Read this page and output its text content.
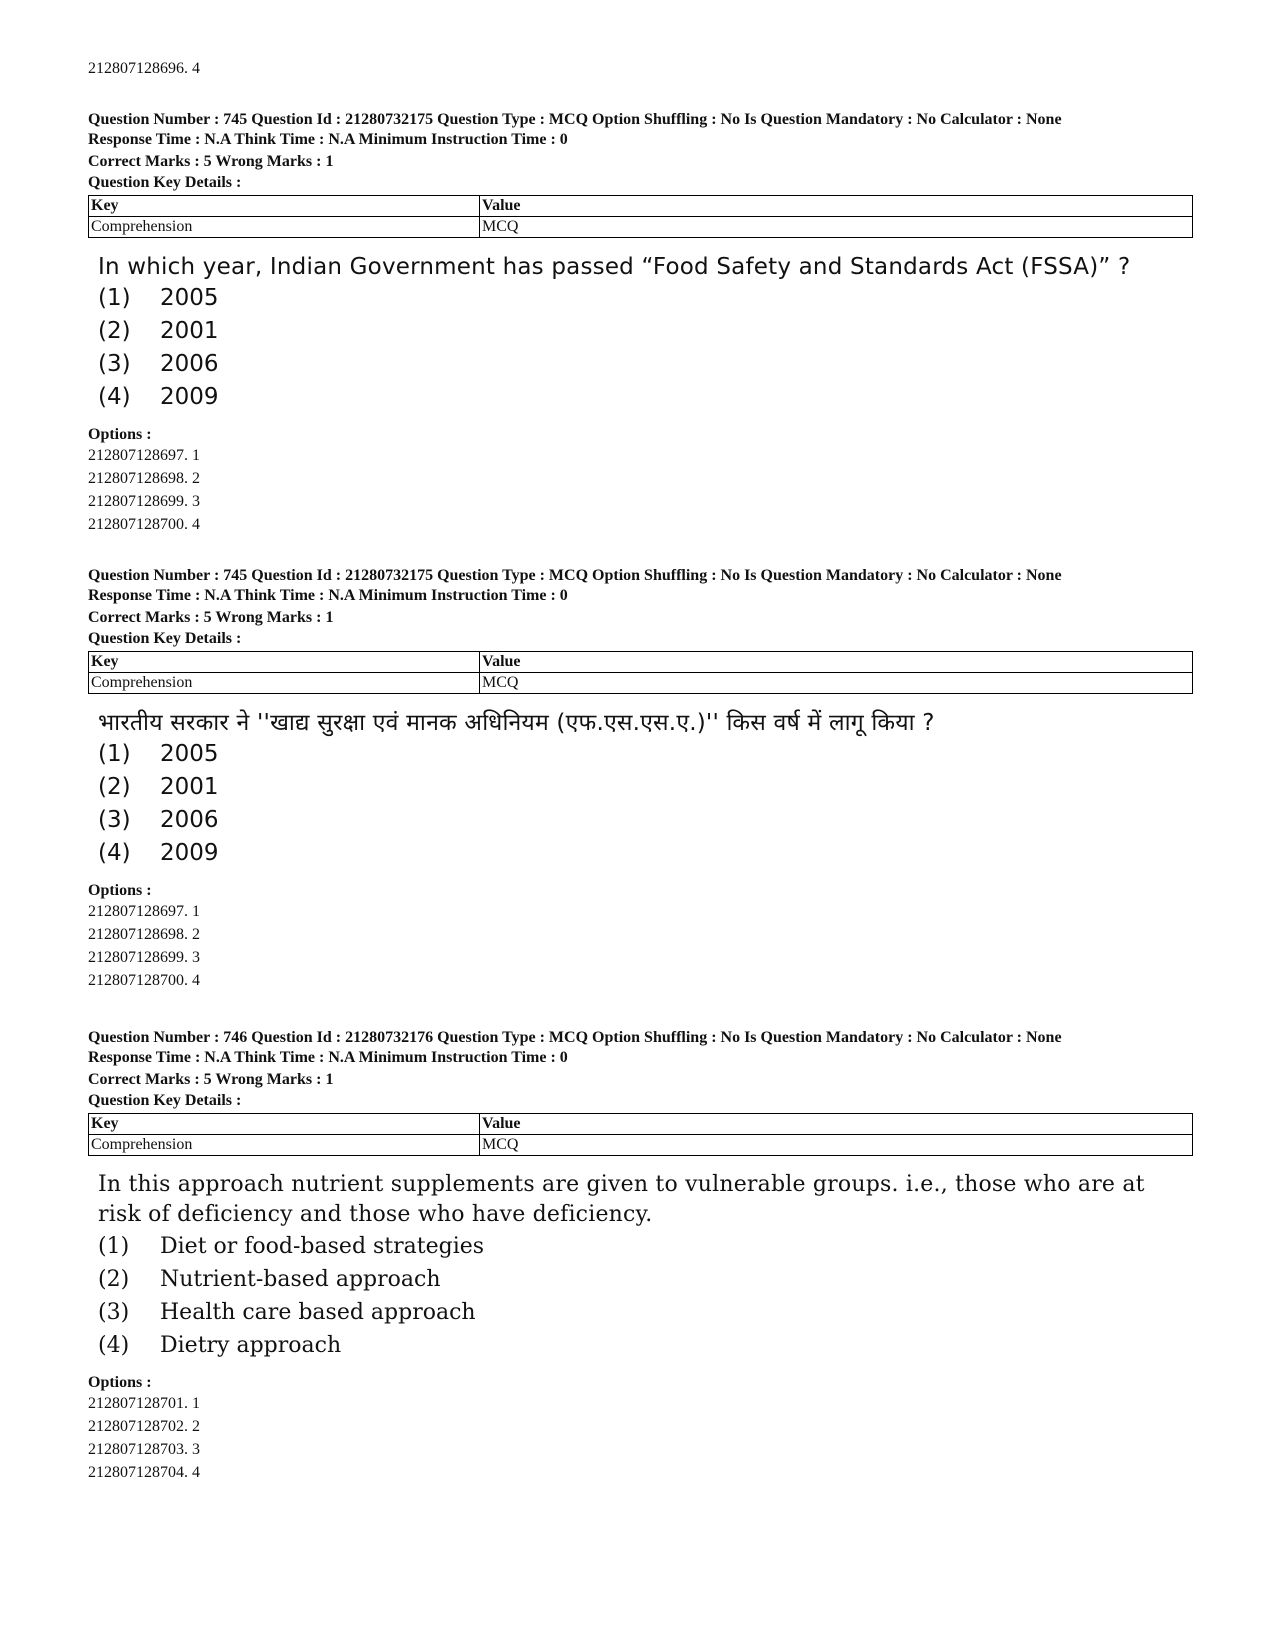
212807128696. 4
Question Number : 745 Question Id : 21280732175 Question Type : MCQ Option Shuffling : No Is Question Mandatory : No Calculator : None
Response Time : N.A Think Time : N.A Minimum Instruction Time : 0
Correct Marks : 5 Wrong Marks : 1
Question Key Details :
Key	Value
Comprehension	MCQ
In which year, Indian Government has passed “Food Safety and Standards Act (FSSA)” ?
(1)	2005
(2)	2001
(3)	2006
(4)	2009
Options :
212807128697. 1
212807128698. 2
212807128699. 3
212807128700. 4
Question Number : 745 Question Id : 21280732175 Question Type : MCQ Option Shuffling : No Is Question Mandatory : No Calculator : None
Response Time : N.A Think Time : N.A Minimum Instruction Time : 0
Correct Marks : 5 Wrong Marks : 1
Question Key Details :
Key	Value
Comprehension	MCQ
भारतीय सरकार ने ''खाद्य सुरक्षा एवं मानक अधिनियम (एफ.एस.एस.ए.)'' किस वर्ष में लागू किया ?
(1)	2005
(2)	2001
(3)	2006
(4)	2009
Options :
212807128697. 1
212807128698. 2
212807128699. 3
212807128700. 4
Question Number : 746 Question Id : 21280732176 Question Type : MCQ Option Shuffling : No Is Question Mandatory : No Calculator : None
Response Time : N.A Think Time : N.A Minimum Instruction Time : 0
Correct Marks : 5 Wrong Marks : 1
Question Key Details :
Key	Value
Comprehension	MCQ
In this approach nutrient supplements are given to vulnerable groups. i.e., those who are at risk of deficiency and those who have deficiency.
(1)	Diet or food-based strategies
(2)	Nutrient-based approach
(3)	Health care based approach
(4)	Dietry approach
Options :
212807128701. 1
212807128702. 2
212807128703. 3
212807128704. 4
